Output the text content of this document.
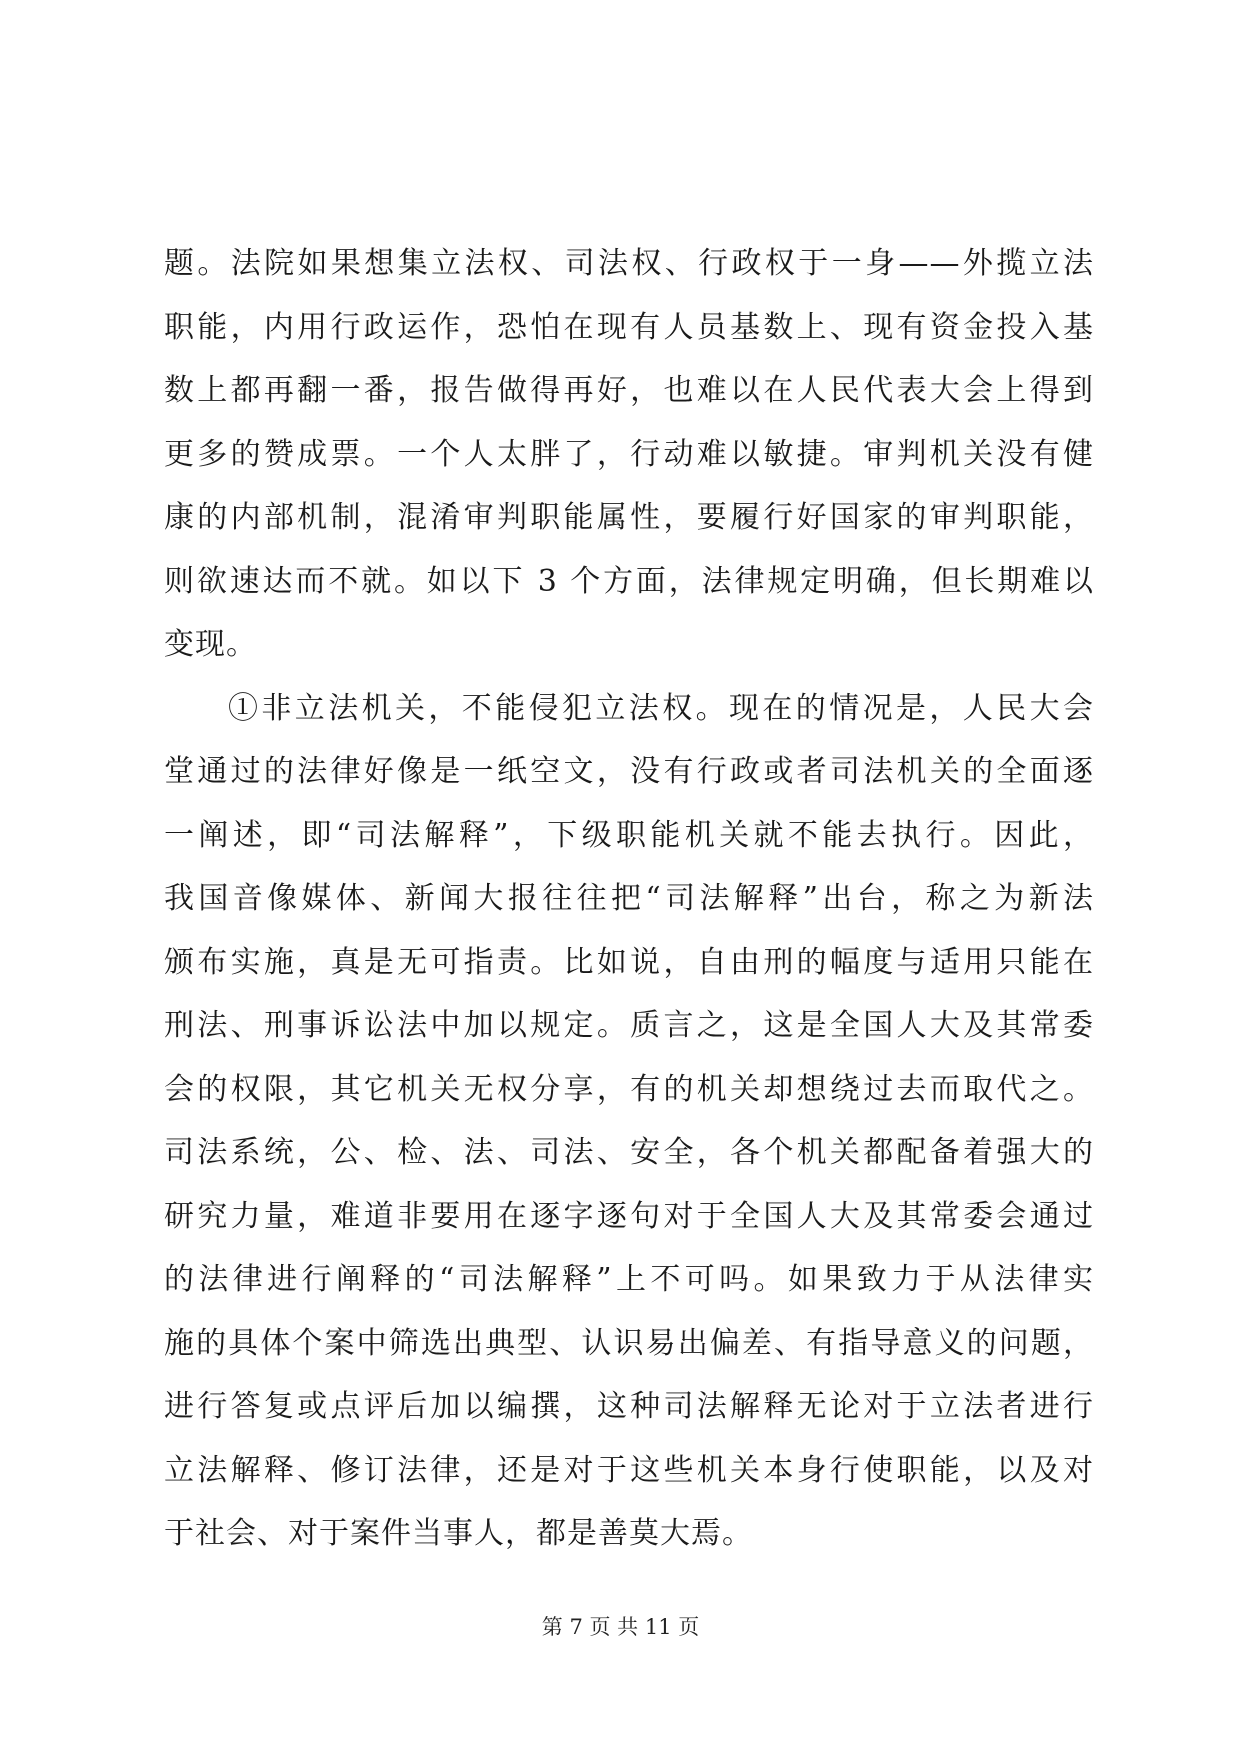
题。法院如果想集立法权、司法权、行政权于一身——外揽立法
职能，内用行政运作，恐怕在现有人员基数上、现有资金投入基
数上都再翻一番，报告做得再好，也难以在人民代表大会上得到
更多的赞成票。一个人太胖了，行动难以敏捷。审判机关没有健
康的内部机制，混淆审判职能属性，要履行好国家的审判职能，
则欲速达而不就。如以下 3 个方面，法律规定明确，但长期难以
变现。
①非立法机关，不能侵犯立法权。现在的情况是，人民大会
堂通过的法律好像是一纸空文，没有行政或者司法机关的全面逐
一阐述，即“司法解释”，下级职能机关就不能去执行。因此，
我国音像媒体、新闻大报往往把“司法解释”出台，称之为新法
颁布实施，真是无可指责。比如说，自由刑的幅度与适用只能在
刑法、刑事诉讼法中加以规定。质言之，这是全国人大及其常委
会的权限，其它机关无权分享，有的机关却想绕过去而取代之。
司法系统，公、检、法、司法、安全，各个机关都配备着强大的
研究力量，难道非要用在逐字逐句对于全国人大及其常委会通过
的法律进行阐释的“司法解释”上不可吗。如果致力于从法律实
施的具体个案中筛选出典型、认识易出偏差、有指导意义的问题，
进行答复或点评后加以编撰，这种司法解释无论对于立法者进行
立法解释、修订法律，还是对于这些机关本身行使职能，以及对
于社会、对于案件当事人，都是善莫大焉。
第 7 页 共 11 页
